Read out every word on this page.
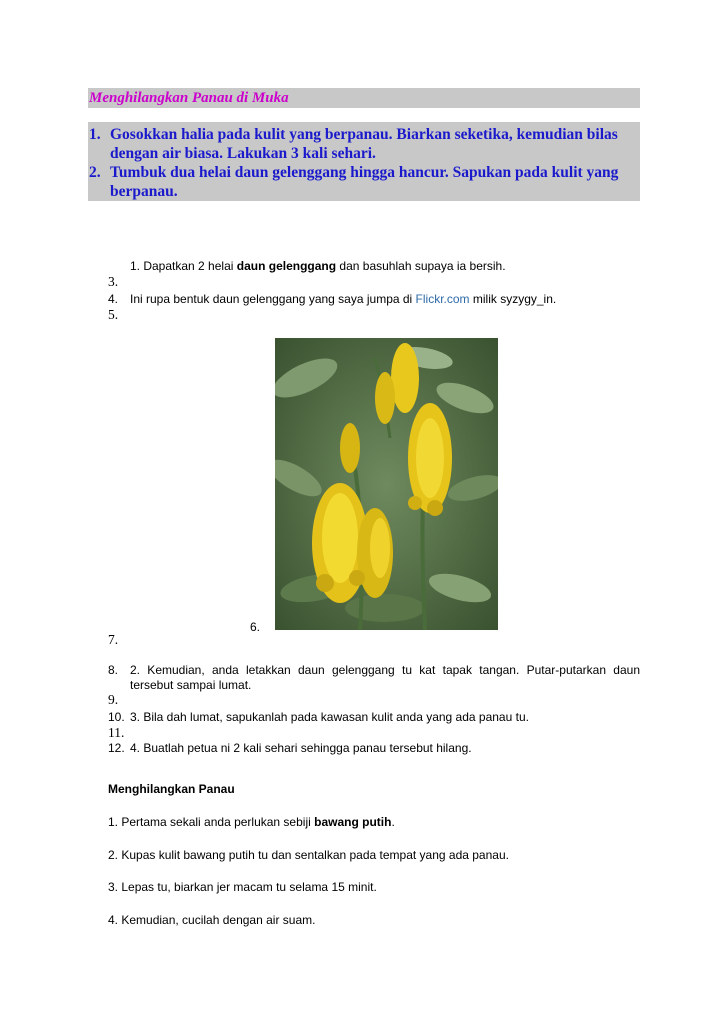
Menghilangkan Panau di Muka
1. Gosokkan halia pada kulit yang berpanau. Biarkan seketika, kemudian bilas dengan air biasa. Lakukan 3 kali sehari.
2. Tumbuk dua helai daun gelenggang hingga hancur. Sapukan pada kulit yang berpanau.
1. Dapatkan 2 helai daun gelenggang dan basuhlah supaya ia bersih.
3.
4. Ini rupa bentuk daun gelenggang yang saya jumpa di Flickr.com milik syzygy_in.
5.
6.
7.
8. 2. Kemudian, anda letakkan daun gelenggang tu kat tapak tangan. Putar-putarkan daun tersebut sampai lumat.
9.
10. 3. Bila dah lumat, sapukanlah pada kawasan kulit anda yang ada panau tu.
11.
12. 4. Buatlah petua ni 2 kali sehari sehingga panau tersebut hilang.
Menghilangkan Panau
1. Pertama sekali anda perlukan sebiji bawang putih.
2. Kupas kulit bawang putih tu dan sentalkan pada tempat yang ada panau.
3. Lepas tu, biarkan jer macam tu selama 15 minit.
4. Kemudian, cucilah dengan air suam.
